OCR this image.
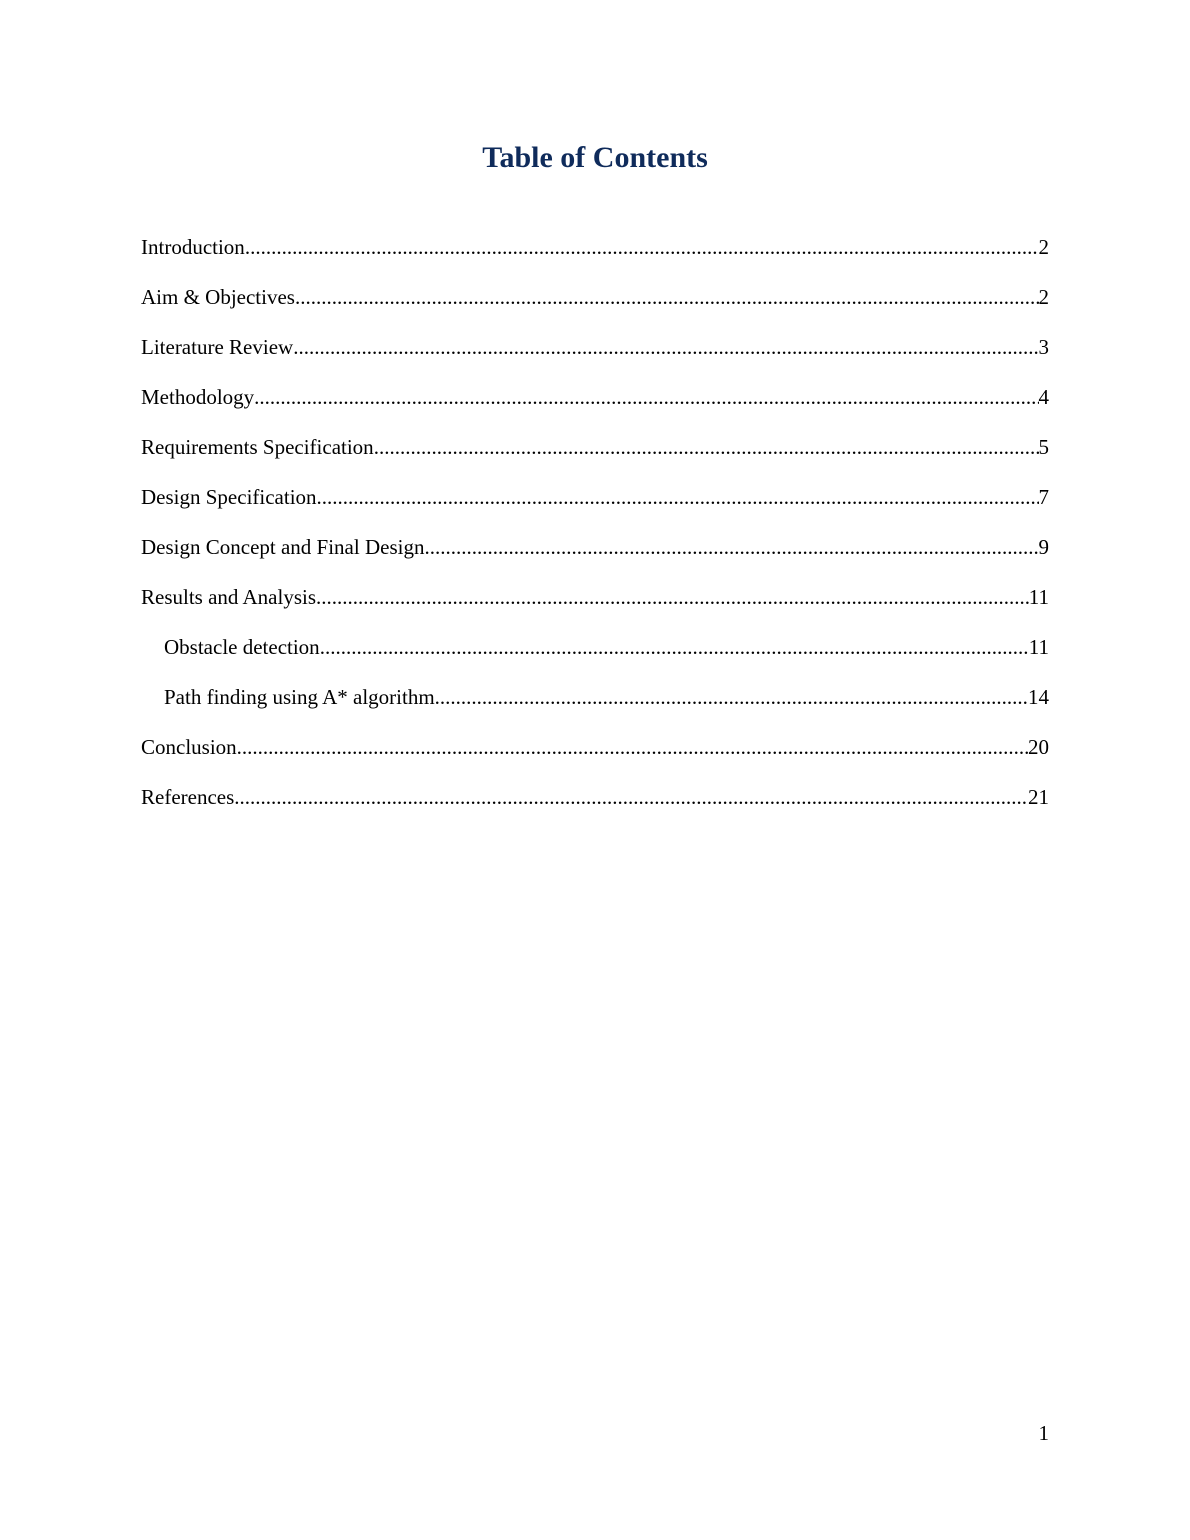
Table of Contents
Introduction .....	2
Aim & Objectives .....	2
Literature Review .....	3
Methodology .....	4
Requirements Specification .....	5
Design Specification .....	7
Design Concept and Final Design .....	9
Results and Analysis .....	11
Obstacle detection .....	11
Path finding using A* algorithm .....	14
Conclusion .....	20
References .....	21
1
